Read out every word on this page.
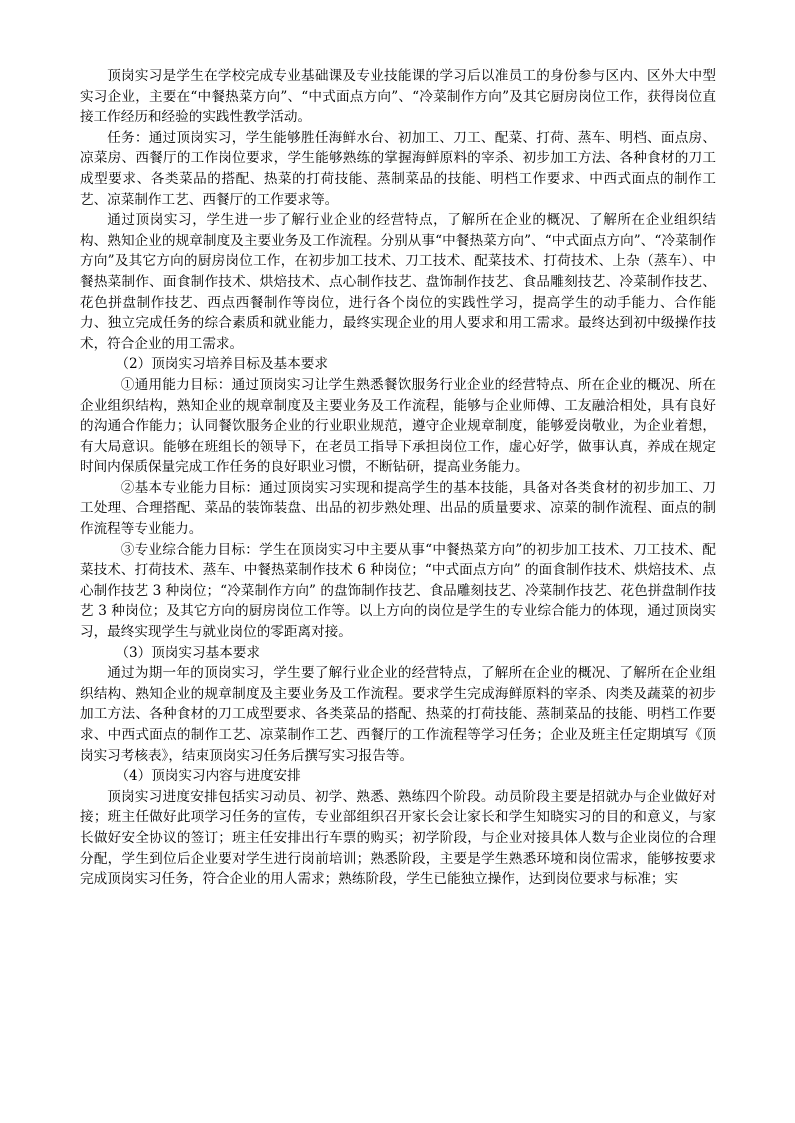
顶岗实习是学生在学校完成专业基础课及专业技能课的学习后以准员工的身份参与区内、区外大中型实习企业，主要在“中餐热菜方向”、“中式面点方向”、“冷菜制作方向”及其它厨房岗位工作，获得岗位直接工作经历和经验的实践性教学活动。

任务：通过顶岗实习，学生能够胜任海鲜水台、初加工、刀工、配菜、打荷、蒸车、明档、面点房、凉菜房、西餐厅的工作岗位要求，学生能够熟练的掌握海鲜原料的宰杀、初步加工方法、各种食材的刀工成型要求、各类菜品的搭配、热菜的打荷技能、蒸制菜品的技能、明档工作要求、中西式面点的制作工艺、凉菜制作工艺、西餐厅的工作要求等。

通过顶岗实习，学生进一步了解行业企业的经营特点，了解所在企业的概况、了解所在企业组织结构、熟知企业的规章制度及主要业务及工作流程。分别从事“中餐热菜方向”、“中式面点方向”、“冷菜制作方向”及其它方向的厨房岗位工作，在初步加工技术、刀工技术、配菜技术、打荷技术、上杂（蒸车）、中餐热菜制作、面食制作技术、烘焙技术、点心制作技艺、盘饰制作技艺、食品雕刻技艺、冷菜制作技艺、花色拼盘制作技艺、西点西餐制作等岗位，进行各个岗位的实践性学习，提高学生的动手能力、合作能力、独立完成任务的综合素质和就业能力，最终实现企业的用人要求和用工需求。最终达到初中级操作技术，符合企业的用工需求。

（2）顶岗实习培养目标及基本要求

①通用能力目标：通过顶岗实习让学生熟悉餐饮服务行业企业的经营特点、所在企业的概况、所在企业组织结构，熟知企业的规章制度及主要业务及工作流程，能够与企业师傅、工友融洽相处，具有良好的沟通合作能力；认同餐饮服务企业的行业职业规范，遵守企业规章制度，能够爱岗敬业，为企业着想，有大局意识。能够在班组长的领导下，在老员工指导下承担岗位工作，虚心好学，做事认真，养成在规定时间内保质保量完成工作任务的良好职业习惯，不断钻研，提高业务能力。

②基本专业能力目标：通过顶岗实习实现和提高学生的基本技能，具备对各类食材的初步加工、刀工处理、合理搭配、菜品的装饰装盘、出品的初步熟处理、出品的质量要求、凉菜的制作流程、面点的制作流程等专业能力。

③专业综合能力目标：学生在顶岗实习中主要从事“中餐热菜方向”的初步加工技术、刀工技术、配菜技术、打荷技术、蒸车、中餐热菜制作技术 6 种岗位；“中式面点方向” 的面食制作技术、烘焙技术、点心制作技艺 3 种岗位；“冷菜制作方向” 的盘饰制作技艺、食品雕刻技艺、冷菜制作技艺、花色拼盘制作技艺 3 种岗位；及其它方向的厨房岗位工作等。以上方向的岗位是学生的专业综合能力的体现，通过顶岗实习，最终实现学生与就业岗位的零距离对接。

（3）顶岗实习基本要求

通过为期一年的顶岗实习，学生要了解行业企业的经营特点，了解所在企业的概况、了解所在企业组织结构、熟知企业的规章制度及主要业务及工作流程。要求学生完成海鲜原料的宰杀、肉类及蔬菜的初步加工方法、各种食材的刀工成型要求、各类菜品的搭配、热菜的打荷技能、蒸制菜品的技能、明档工作要求、中西式面点的制作工艺、凉菜制作工艺、西餐厅的工作流程等学习任务；企业及班主任定期填写《顶岗实习考核表》，结束顶岗实习任务后撰写实习报告等。

（4）顶岗实习内容与进度安排

顶岗实习进度安排包括实习动员、初学、熟悉、熟练四个阶段。动员阶段主要是招就办与企业做好对接；班主任做好此项学习任务的宣传，专业部组织召开家长会让家长和学生知晓实习的目的和意义，与家长做好安全协议的签订；班主任安排出行车票的购买；初学阶段，与企业对接具体人数与企业岗位的合理分配，学生到位后企业要对学生进行岗前培训；熟悉阶段，主要是学生熟悉环境和岗位需求，能够按要求完成顶岗实习任务，符合企业的用人需求；熟练阶段，学生已能独立操作，达到岗位要求与标准；实
